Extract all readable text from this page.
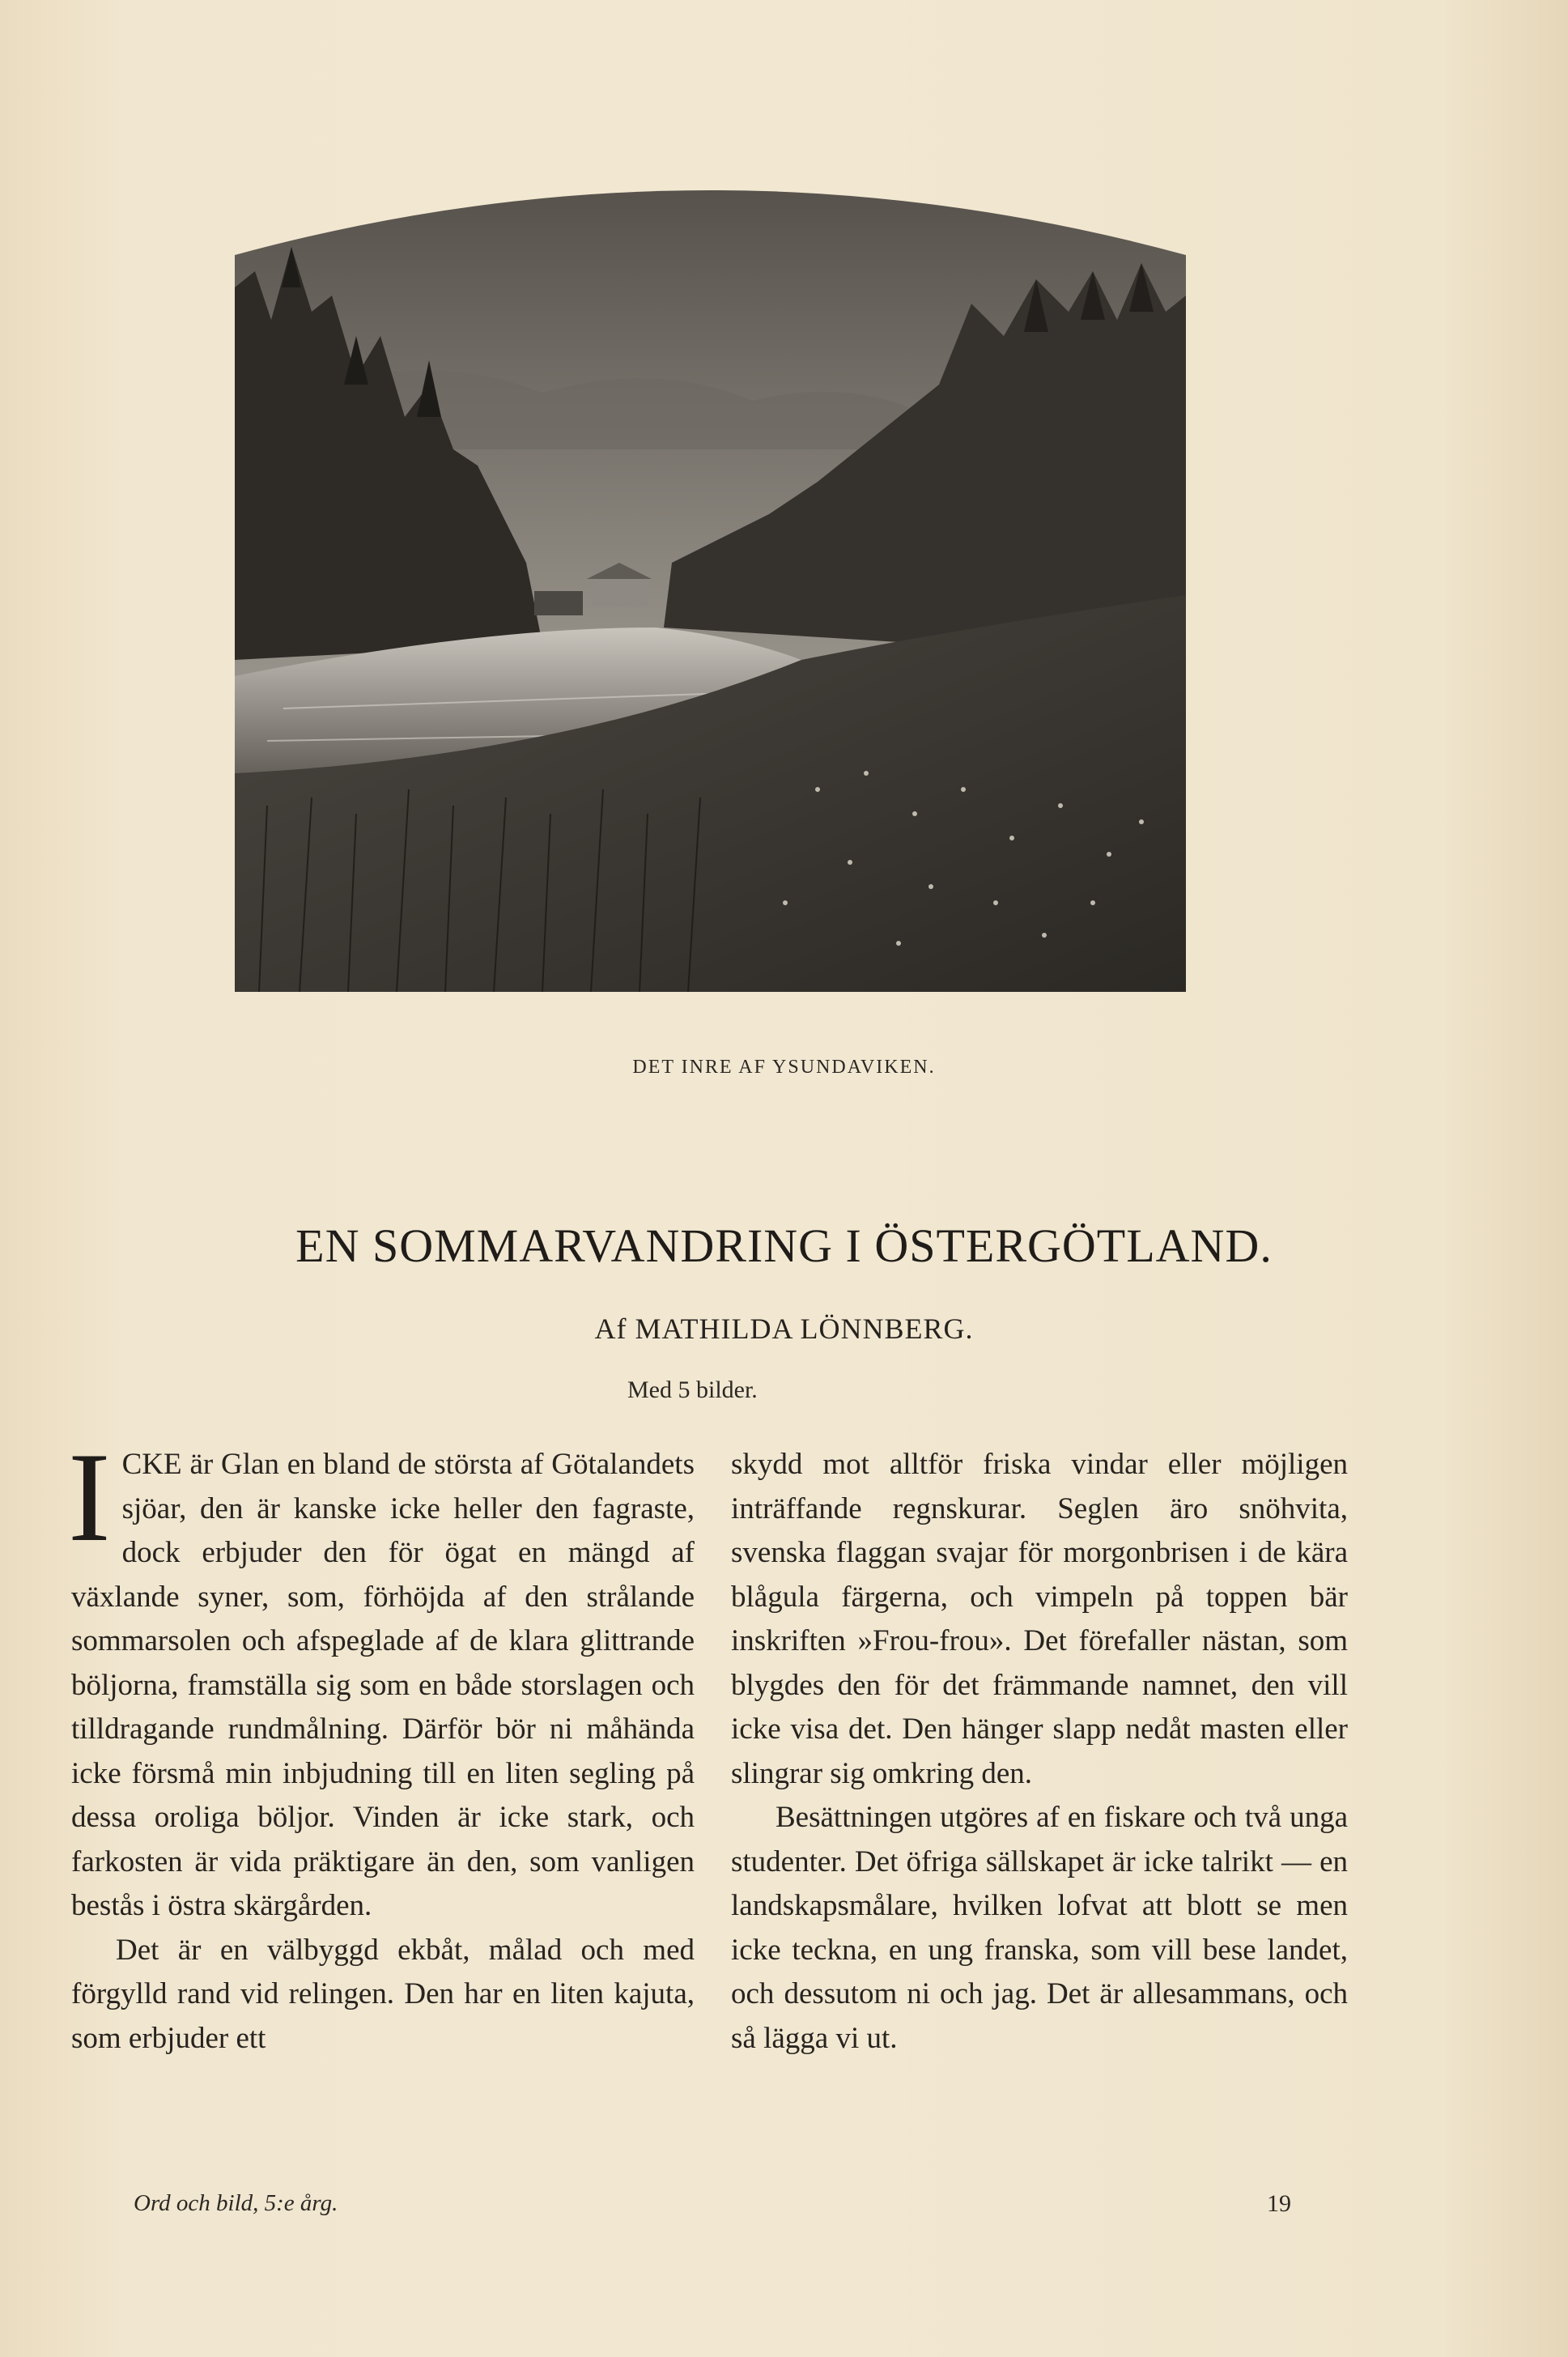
DET INRE AF YSUNDAVIKEN.
EN SOMMARVANDRING I ÖSTERGÖTLAND.
Af MATHILDA LÖNNBERG.
Med 5 bilder.

ICKE är Glan en bland de största af Götalandets sjöar, den är kanske icke heller den fagraste, dock erbjuder den för ögat en mängd af växlande syner, som, förhöjda af den strålande sommarsolen och afspeglade af de klara glittrande böljorna, framställa sig som en både storslagen och tilldragande rundmålning. Därför bör ni måhända icke försmå min inbjudning till en liten segling på dessa oroliga böljor. Vinden är icke stark, och farkosten är vida präktigare än den, som vanligen bestås i östra skärgården.

Det är en välbyggd ekbåt, målad och med förgylld rand vid relingen. Den har en liten kajuta, som erbjuder ett

skydd mot alltför friska vindar eller möjligen inträffande regnskurar. Seglen äro snöhvita, svenska flaggan svajar för morgonbrisen i de kära blågula färgerna, och vimpeln på toppen bär inskriften »Frou-frou». Det förefaller nästan, som blygdes den för det främmande namnet, den vill icke visa det. Den hänger slapp nedåt masten eller slingrar sig omkring den.

Besättningen utgöres af en fiskare och två unga studenter. Det öfriga sällskapet är icke talrikt — en landskapsmålare, hvilken lofvat att blott se men icke teckna, en ung franska, som vill bese landet, och dessutom ni och jag. Det är allesammans, och så lägga vi ut.

Ord och bild, 5:e årg.	19
